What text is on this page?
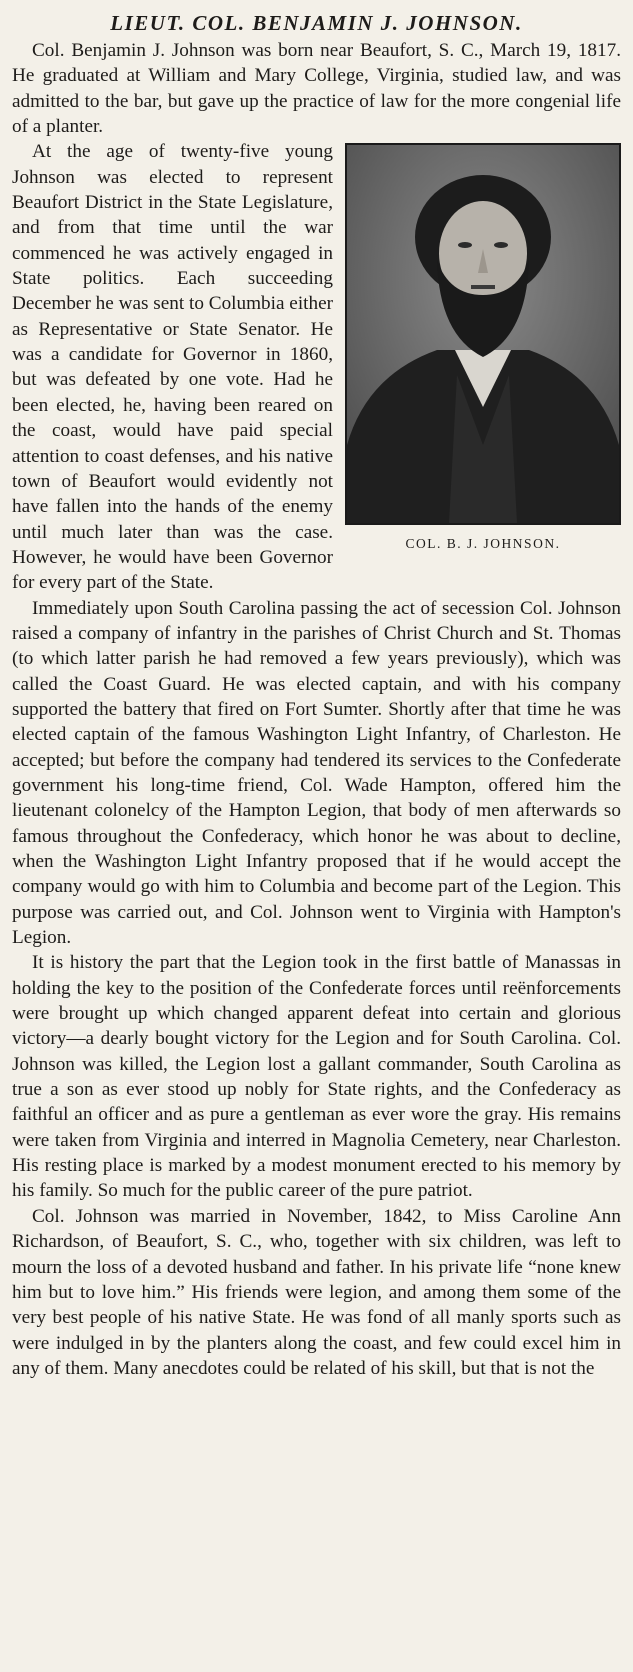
LIEUT. COL. BENJAMIN J. JOHNSON.

Col. Benjamin J. Johnson was born near Beaufort, S. C., March 19, 1817. He graduated at William and Mary College, Virginia, studied law, and was admitted to the bar, but gave up the practice of law for the more congenial life of a planter.

COL. B. J. JOHNSON.

At the age of twenty-five young Johnson was elected to represent Beaufort District in the State Legislature, and from that time until the war commenced he was actively engaged in State politics. Each succeeding December he was sent to Columbia either as Representative or State Senator. He was a candidate for Governor in 1860, but was defeated by one vote. Had he been elected, he, having been reared on the coast, would have paid special attention to coast defenses, and his native town of Beaufort would evidently not have fallen into the hands of the enemy until much later than was the case. However, he would have been Governor for every part of the State.

Immediately upon South Carolina passing the act of secession Col. Johnson raised a company of infantry in the parishes of Christ Church and St. Thomas (to which latter parish he had removed a few years previously), which was called the Coast Guard. He was elected captain, and with his company supported the battery that fired on Fort Sumter. Shortly after that time he was elected captain of the famous Washington Light Infantry, of Charleston. He accepted; but before the company had tendered its services to the Confederate government his long-time friend, Col. Wade Hampton, offered him the lieutenant colonelcy of the Hampton Legion, that body of men afterwards so famous throughout the Confederacy, which honor he was about to decline, when the Washington Light Infantry proposed that if he would accept the company would go with him to Columbia and become part of the Legion. This purpose was carried out, and Col. Johnson went to Virginia with Hampton's Legion.

It is history the part that the Legion took in the first battle of Manassas in holding the key to the position of the Confederate forces until reënforcements were brought up which changed apparent defeat into certain and glorious victory—a dearly bought victory for the Legion and for South Carolina. Col. Johnson was killed, the Legion lost a gallant commander, South Carolina as true a son as ever stood up nobly for State rights, and the Confederacy as faithful an officer and as pure a gentleman as ever wore the gray. His remains were taken from Virginia and interred in Magnolia Cemetery, near Charleston. His resting place is marked by a modest monument erected to his memory by his family. So much for the public career of the pure patriot.

Col. Johnson was married in November, 1842, to Miss Caroline Ann Richardson, of Beaufort, S. C., who, together with six children, was left to mourn the loss of a devoted husband and father. In his private life “none knew him but to love him.” His friends were legion, and among them some of the very best people of his native State. He was fond of all manly sports such as were indulged in by the planters along the coast, and few could excel him in any of them. Many anecdotes could be related of his skill, but that is not the
